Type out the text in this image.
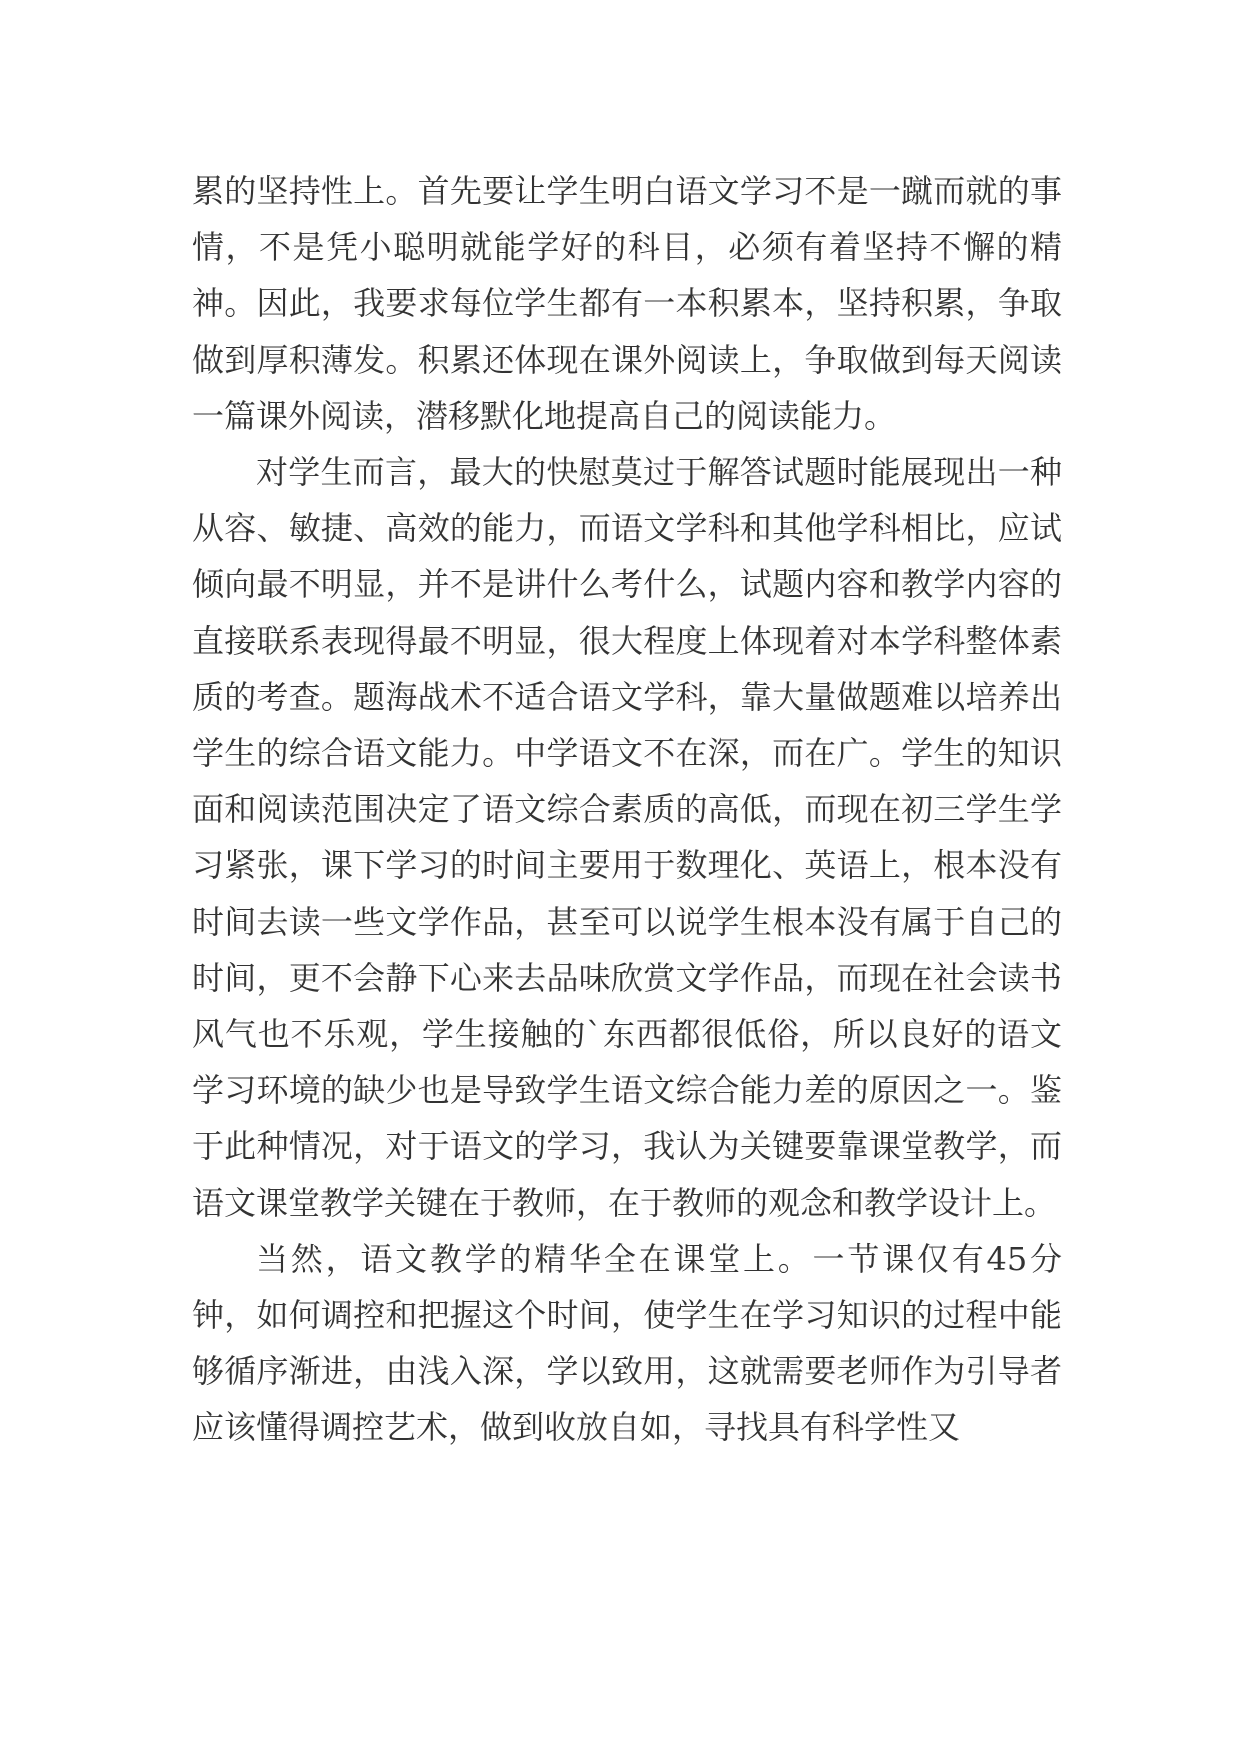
累的坚持性上。首先要让学生明白语文学习不是一蹴而就的事情，不是凭小聪明就能学好的科目，必须有着坚持不懈的精神。因此，我要求每位学生都有一本积累本，坚持积累，争取做到厚积薄发。积累还体现在课外阅读上，争取做到每天阅读一篇课外阅读，潜移默化地提高自己的阅读能力。

对学生而言，最大的快慰莫过于解答试题时能展现出一种从容、敏捷、高效的能力，而语文学科和其他学科相比，应试倾向最不明显，并不是讲什么考什么，试题内容和教学内容的直接联系表现得最不明显，很大程度上体现着对本学科整体素质的考查。题海战术不适合语文学科，靠大量做题难以培养出学生的综合语文能力。中学语文不在深，而在广。学生的知识面和阅读范围决定了语文综合素质的高低，而现在初三学生学习紧张，课下学习的时间主要用于数理化、英语上，根本没有时间去读一些文学作品，甚至可以说学生根本没有属于自己的时间，更不会静下心来去品味欣赏文学作品，而现在社会读书风气也不乐观，学生接触的`东西都很低俗，所以良好的语文学习环境的缺少也是导致学生语文综合能力差的原因之一。鉴于此种情况，对于语文的学习，我认为关键要靠课堂教学，而语文课堂教学关键在于教师，在于教师的观念和教学设计上。

当然，语文教学的精华全在课堂上。一节课仅有45分钟，如何调控和把握这个时间，使学生在学习知识的过程中能够循序渐进，由浅入深，学以致用，这就需要老师作为引导者应该懂得调控艺术，做到收放自如，寻找具有科学性又
